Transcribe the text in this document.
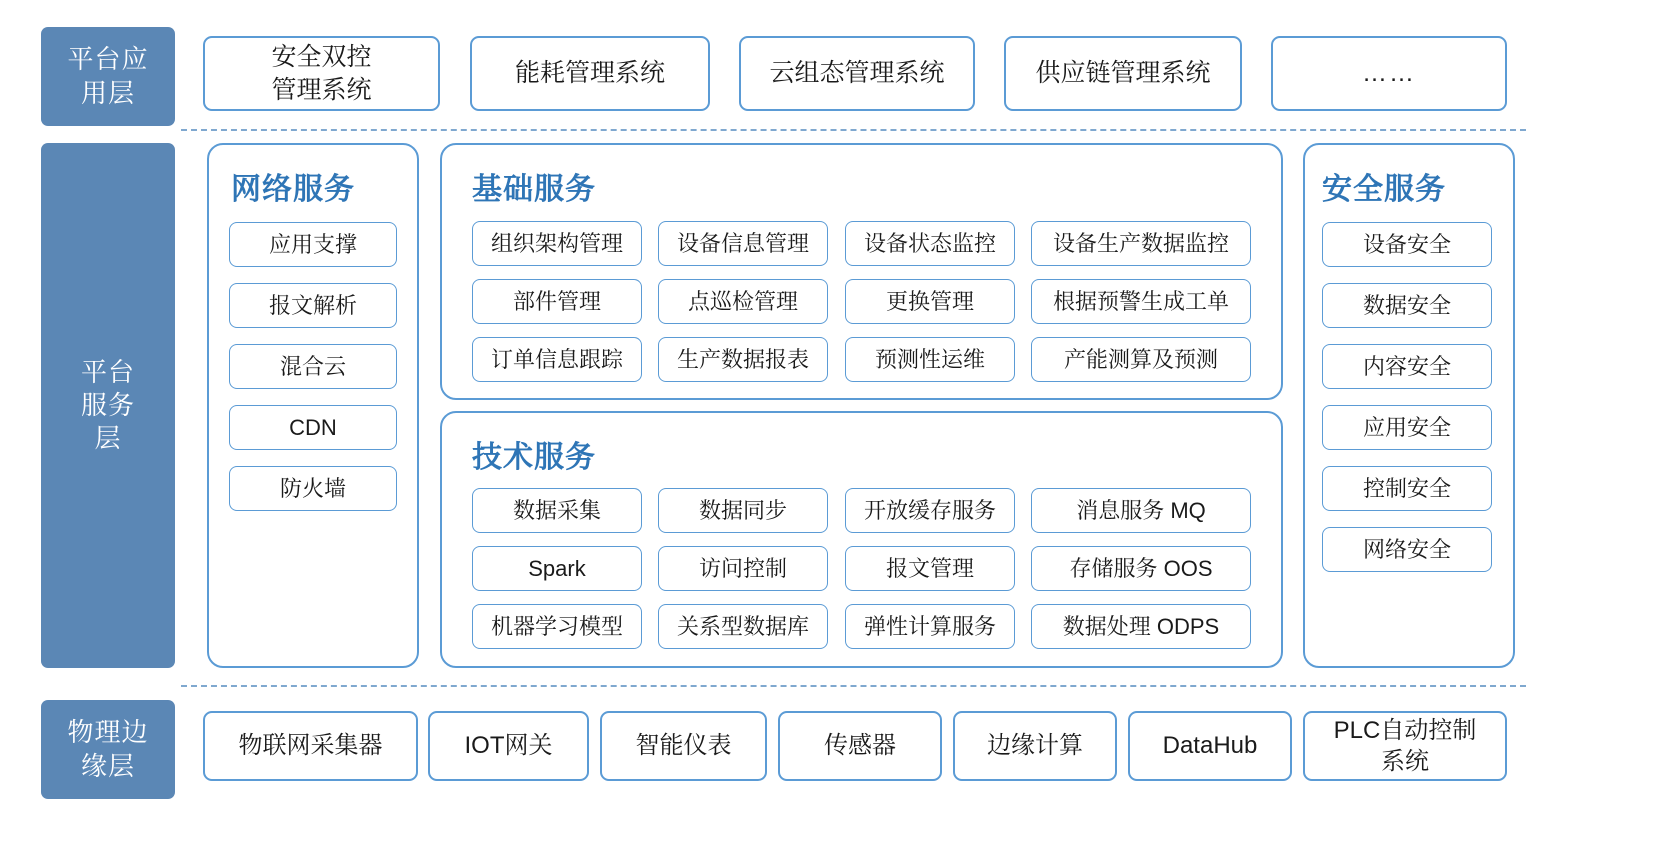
平台应
用层
安全双控
管理系统
能耗管理系统	云组态管理系统	供应链管理系统	……
平台
服务
层
网络服务
应用支撑
报文解析
混合云
CDN
防火墙
基础服务
组织架构管理	设备信息管理	设备状态监控	设备生产数据监控
部件管理	点巡检管理	更换管理	根据预警生成工单
订单信息跟踪	生产数据报表	预测性运维	产能测算及预测
技术服务
数据采集	数据同步	开放缓存服务	消息服务 MQ
Spark	访问控制	报文管理	存储服务 OOS
机器学习模型	关系型数据库	弹性计算服务	数据处理 ODPS
安全服务
设备安全
数据安全
内容安全
应用安全
控制安全
网络安全
物理边
缘层
物联网采集器	IOT网关	智能仪表	传感器	边缘计算	DataHub
PLC自动控制
系统
